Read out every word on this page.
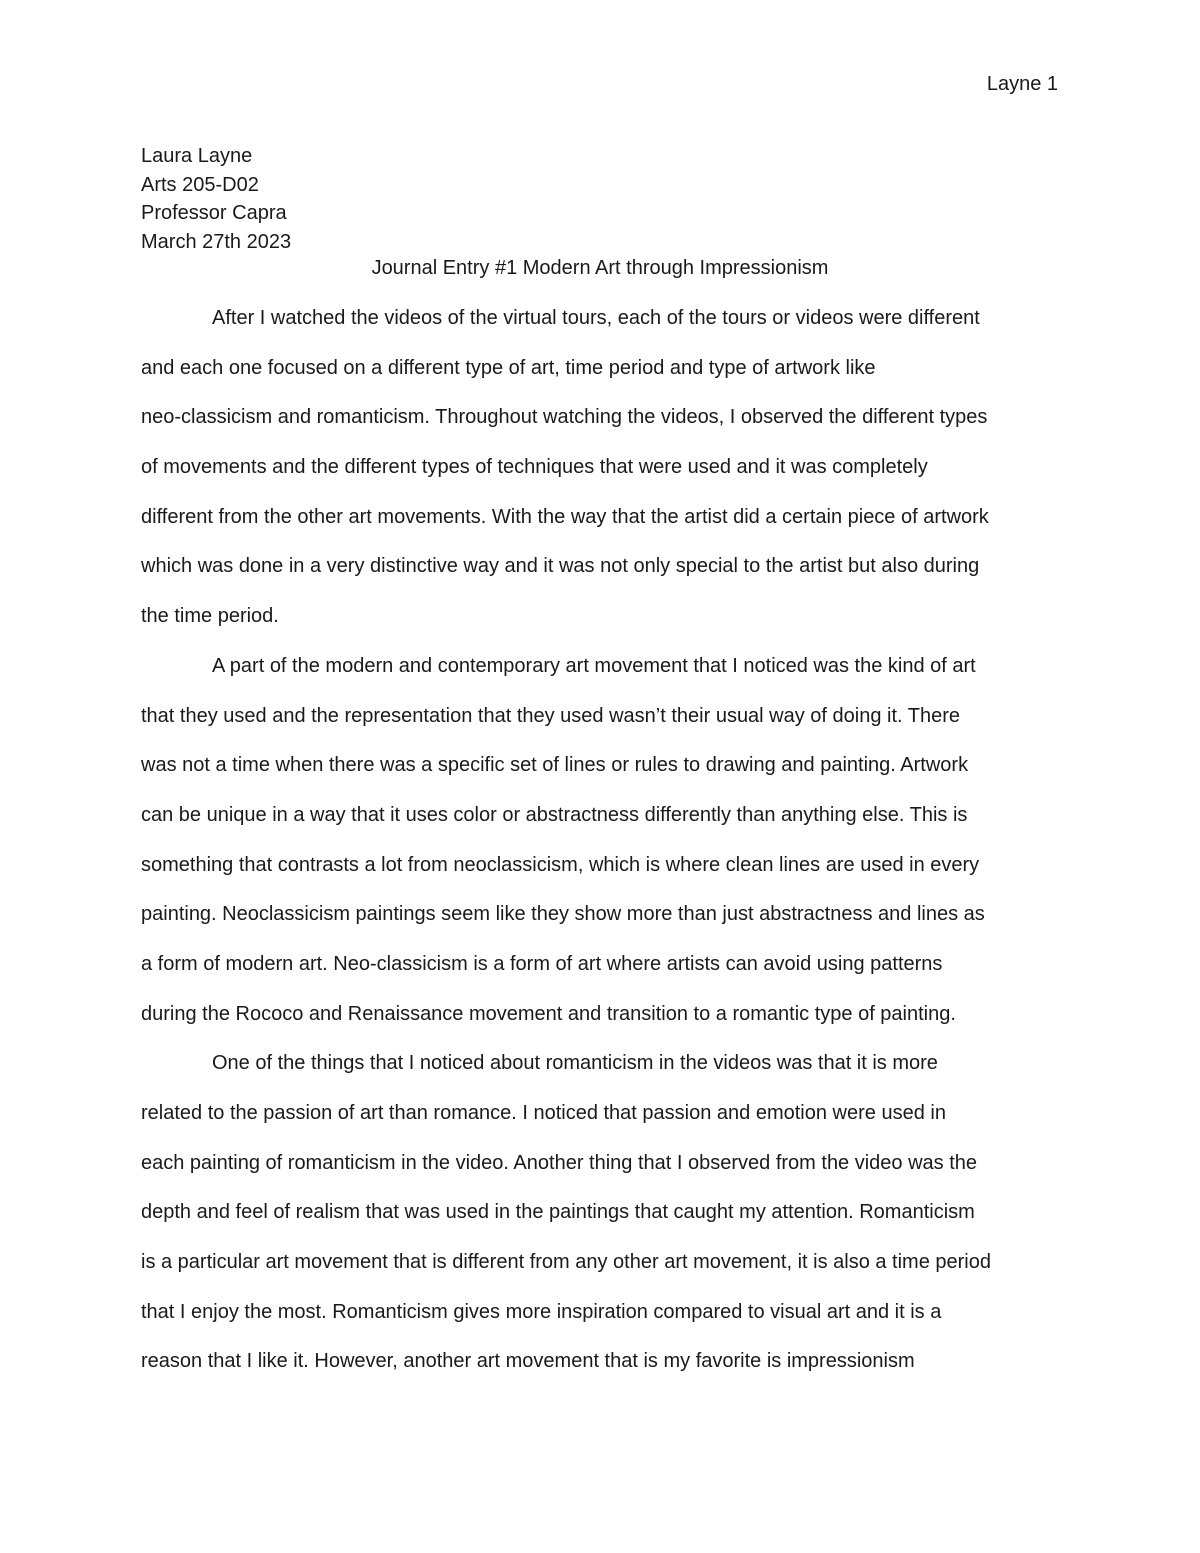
Layne 1
Laura Layne
Arts 205-D02
Professor Capra
March 27th 2023
Journal Entry #1 Modern Art through Impressionism
After I watched the videos of the virtual tours, each of the tours or videos were different
and each one focused on a different type of art, time period and type of artwork like
neo-classicism and romanticism. Throughout watching the videos, I observed the different types
of movements and the different types of techniques that were used and it was completely
different from the other art movements. With the way that the artist did a certain piece of artwork
which was done in a very distinctive way and it was not only special to the artist but also during
the time period.
A part of the modern and contemporary art movement that I noticed was the kind of art
that they used and the representation that they used wasn’t their usual way of doing it. There
was not a time when there was a specific set of lines or rules to drawing and painting. Artwork
can be unique in a way that it uses color or abstractness differently than anything else. This is
something that contrasts a lot from neoclassicism, which is where clean lines are used in every
painting. Neoclassicism paintings seem like they show more than just abstractness and lines as
a form of modern art. Neo-classicism is a form of art where artists can avoid using patterns
during the Rococo and Renaissance movement and transition to a romantic type of painting.
One of the things that I noticed about romanticism in the videos was that it is more
related to the passion of art than romance. I noticed that passion and emotion were used in
each painting of romanticism in the video. Another thing that I observed from the video was the
depth and feel of realism that was used in the paintings that caught my attention. Romanticism
is a particular art movement that is different from any other art movement, it is also a time period
that I enjoy the most. Romanticism gives more inspiration compared to visual art and it is a
reason that I like it. However, another art movement that is my favorite is impressionism
